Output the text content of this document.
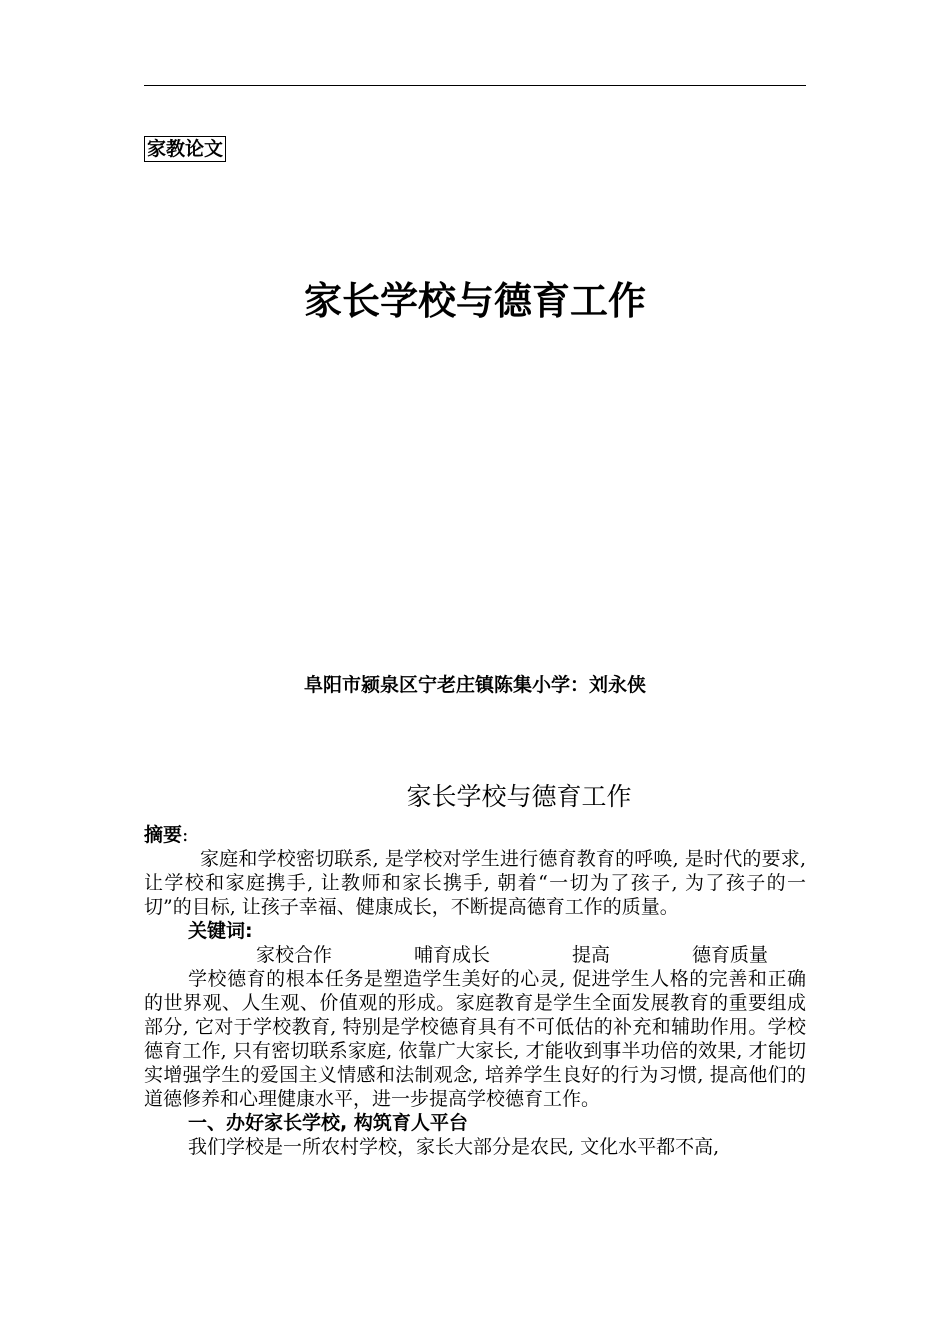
家教论文
家长学校与德育工作
阜阳市颍泉区宁老庄镇陈集小学：刘永侠
家长学校与德育工作

摘要:

家庭和学校密切联系, 是学校对学生进行德育教育的呼唤, 是时代的要求, 让学校和家庭携手, 让教师和家长携手, 朝着“一切为了孩子, 为了孩子的一切”的目标, 让孩子幸福、健康成长，不断提高德育工作的质量。

关键词:

家校合作	哺育成长	提高	德育质量

学校德育的根本任务是塑造学生美好的心灵, 促进学生人格的完善和正确的世界观、人生观、价值观的形成。家庭教育是学生全面发展教育的重要组成部分, 它对于学校教育, 特别是学校德育具有不可低估的补充和辅助作用。学校德育工作, 只有密切联系家庭, 依靠广大家长, 才能收到事半功倍的效果, 才能切实增强学生的爱国主义情感和法制观念, 培养学生良好的行为习惯, 提高他们的道德修养和心理健康水平，进一步提高学校德育工作。

一、办好家长学校, 构筑育人平台

我们学校是一所农村学校，家长大部分是农民, 文化水平都不高,
